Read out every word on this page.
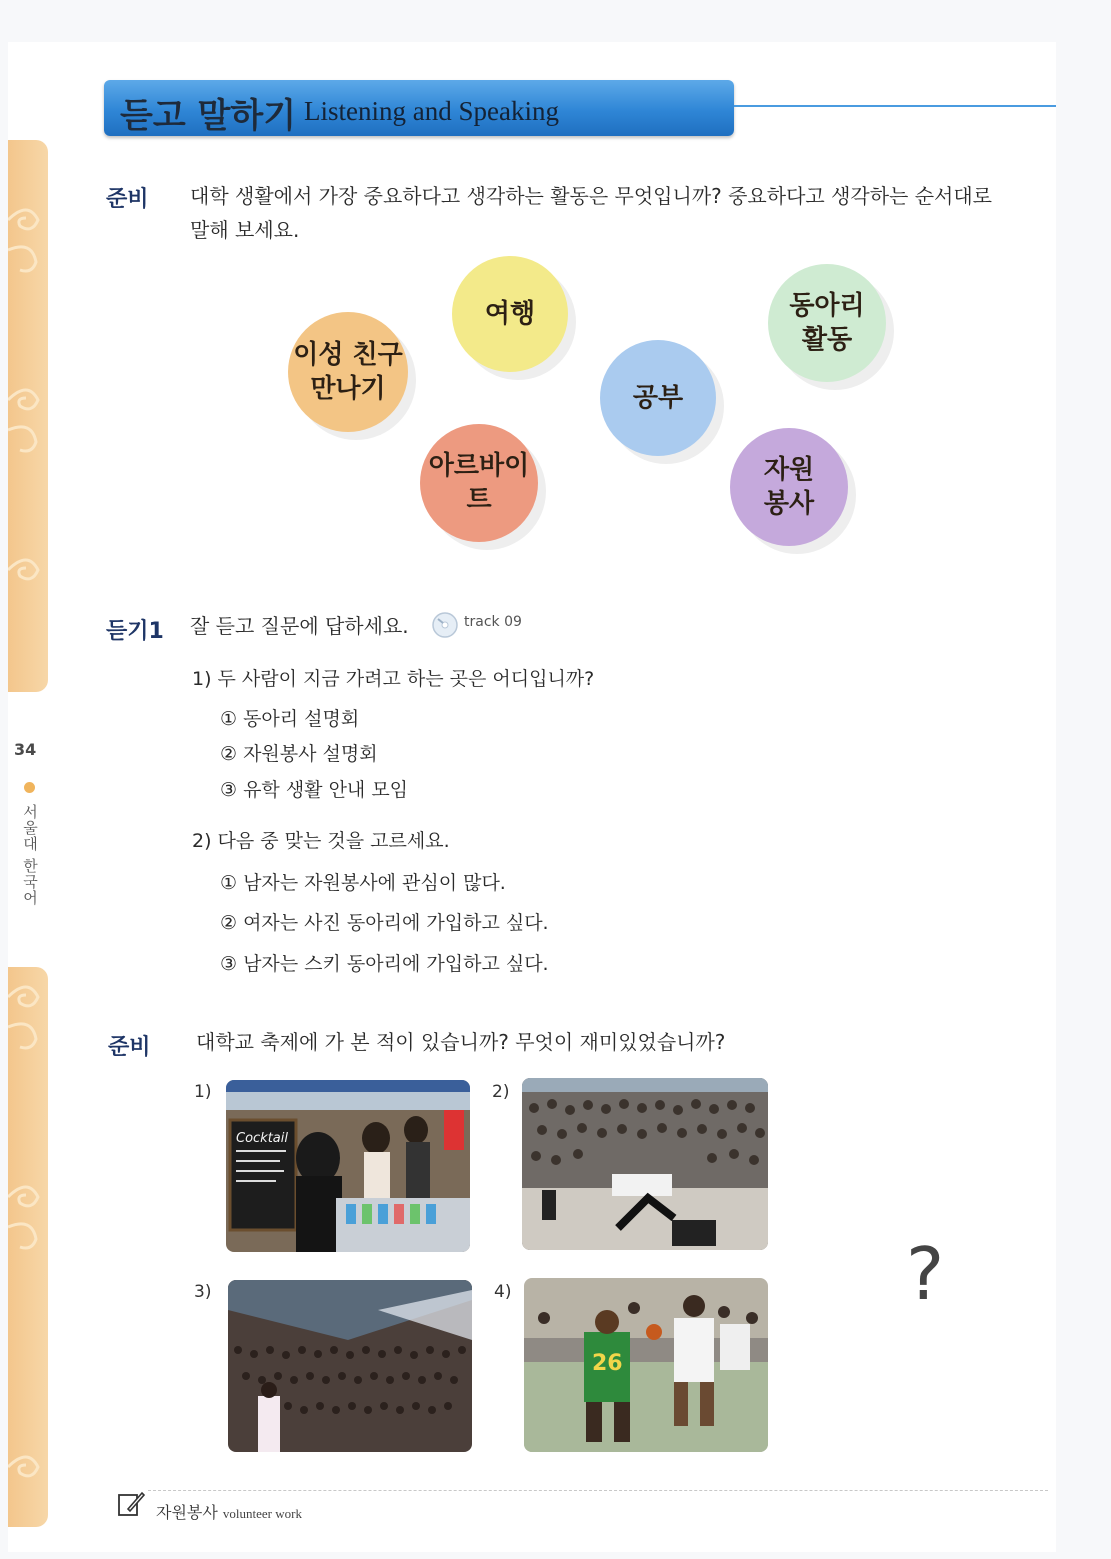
34
서울대 한국어
듣고 말하기 Listening and Speaking
준비 대학 생활에서 가장 중요하다고 생각하는 활동은 무엇입니까? 중요하다고 생각하는 순서대로
말해 보세요.
이성 친구
만나기
여행
공부
동아리
활동
아르바이트
자원
봉사
듣기1 잘 듣고 질문에 답하세요.	track 09
1) 두 사람이 지금 가려고 하는 곳은 어디입니까?
① 동아리 설명회
② 자원봉사 설명회
③ 유학 생활 안내 모임
2) 다음 중 맞는 것을 고르세요.
① 남자는 자원봉사에 관심이 많다.
② 여자는 사진 동아리에 가입하고 싶다.
③ 남자는 스키 동아리에 가입하고 싶다.
준비 대학교 축제에 가 본 적이 있습니까? 무엇이 재미있었습니까?
1)
Cocktail
2)
3)	4)
26
?
자원봉사 volunteer work
